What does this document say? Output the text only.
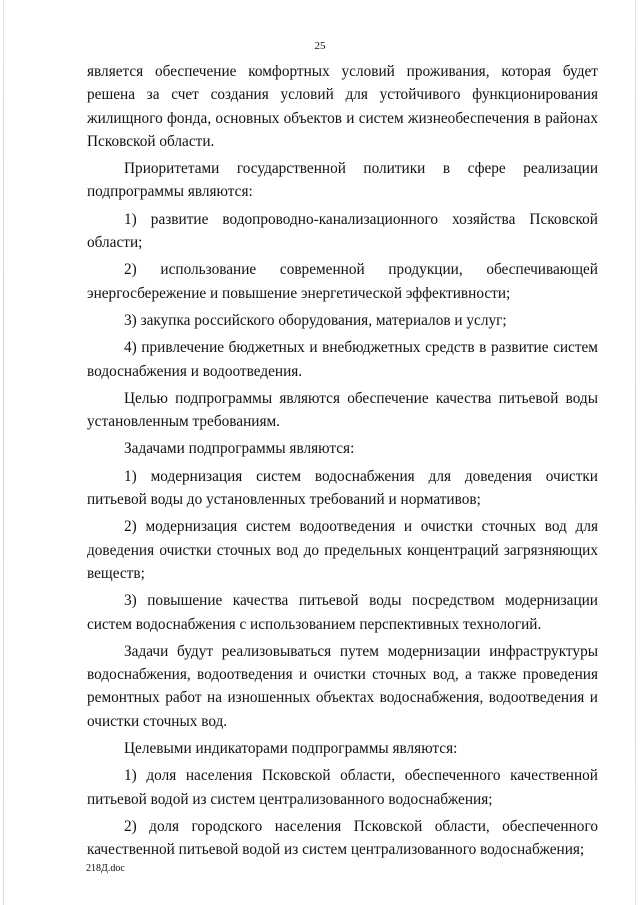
25

является обеспечение комфортных условий проживания, которая будет решена за счет создания условий для устойчивого функционирования жилищного фонда, основных объектов и систем жизнеобеспечения в районах Псковской области.

Приоритетами государственной политики в сфере реализации подпрограммы являются:

1) развитие водопроводно-канализационного хозяйства Псковской области;

2) использование современной продукции, обеспечивающей энергосбережение и повышение энергетической эффективности;

3) закупка российского оборудования, материалов и услуг;

4) привлечение бюджетных и внебюджетных средств в развитие систем водоснабжения и водоотведения.

Целью подпрограммы являются обеспечение качества питьевой воды установленным требованиям.

Задачами подпрограммы являются:

1) модернизация систем водоснабжения для доведения очистки питьевой воды до установленных требований и нормативов;

2) модернизация систем водоотведения и очистки сточных вод для доведения очистки сточных вод до предельных концентраций загрязняющих веществ;

3) повышение качества питьевой воды посредством модернизации систем водоснабжения с использованием перспективных технологий.

Задачи будут реализовываться путем модернизации инфраструктуры водоснабжения, водоотведения и очистки сточных вод, а также проведения ремонтных работ на изношенных объектах водоснабжения, водоотведения и очистки сточных вод.

Целевыми индикаторами подпрограммы являются:

1) доля населения Псковской области, обеспеченного качественной питьевой водой из систем централизованного водоснабжения;

2) доля городского населения Псковской области, обеспеченного качественной питьевой водой из систем централизованного водоснабжения;

218Д.doc
